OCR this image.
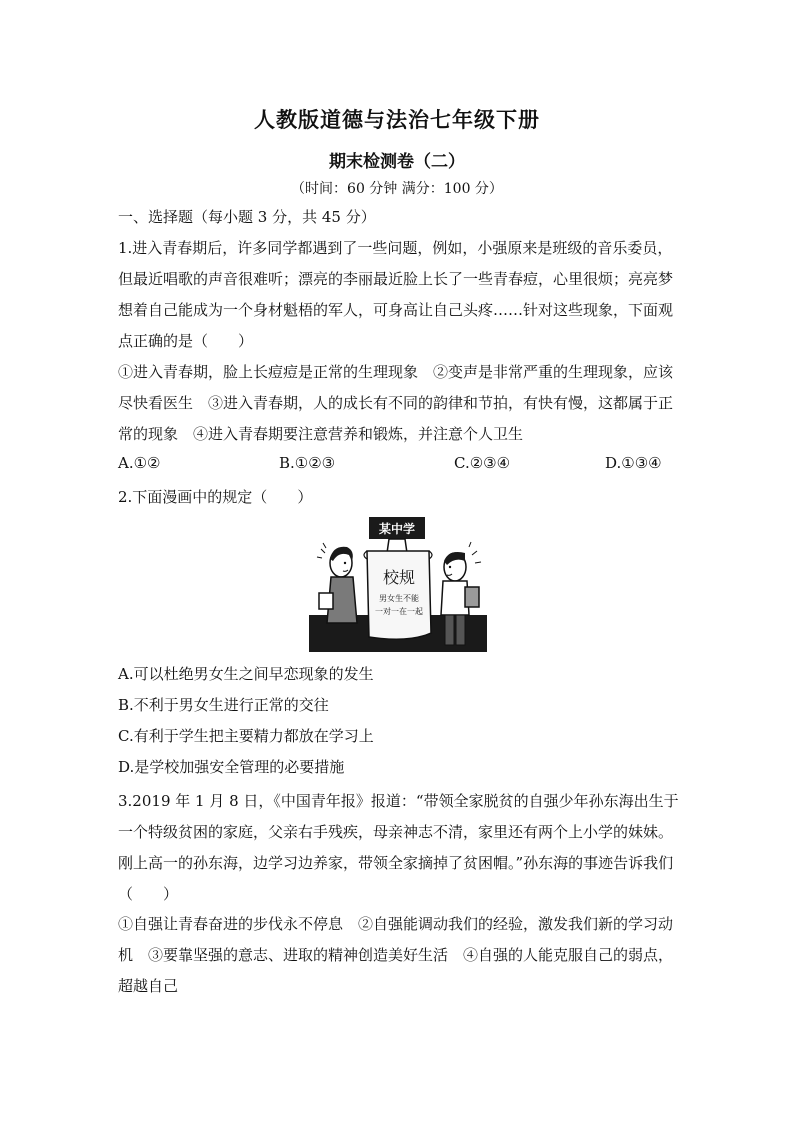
人教版道德与法治七年级下册
期末检测卷（二）
（时间：60 分钟 满分：100 分）
一、选择题（每小题 3 分，共 45 分）
1.进入青春期后，许多同学都遇到了一些问题，例如，小强原来是班级的音乐委员，但最近唱歌的声音很难听；漂亮的李丽最近脸上长了一些青春痘，心里很烦；亮亮梦想着自己能成为一个身材魁梧的军人，可身高让自己头疼……针对这些现象，下面观点正确的是（　　）
①进入青春期，脸上长痘痘是正常的生理现象　②变声是非常严重的生理现象，应该尽快看医生　③进入青春期，人的成长有不同的韵律和节拍，有快有慢，这都属于正常的现象　④进入青春期要注意营养和锻炼，并注意个人卫生
A.①②	B.①②③	C.②③④	D.①③④
2.下面漫画中的规定（　　）
某中学
校规
男女生不能
一对一在一起
A.可以杜绝男女生之间早恋现象的发生
B.不利于男女生进行正常的交往
C.有利于学生把主要精力都放在学习上
D.是学校加强安全管理的必要措施
3.2019 年 1 月 8 日，《中国青年报》报道：“带领全家脱贫的自强少年孙东海出生于一个特级贫困的家庭，父亲右手残疾，母亲神志不清，家里还有两个上小学的妹妹。刚上高一的孙东海，边学习边养家，带领全家摘掉了贫困帽。”孙东海的事迹告诉我们（　　）
①自强让青春奋进的步伐永不停息　②自强能调动我们的经验，激发我们新的学习动机　③要靠坚强的意志、进取的精神创造美好生活　④自强的人能克服自己的弱点，超越自己
